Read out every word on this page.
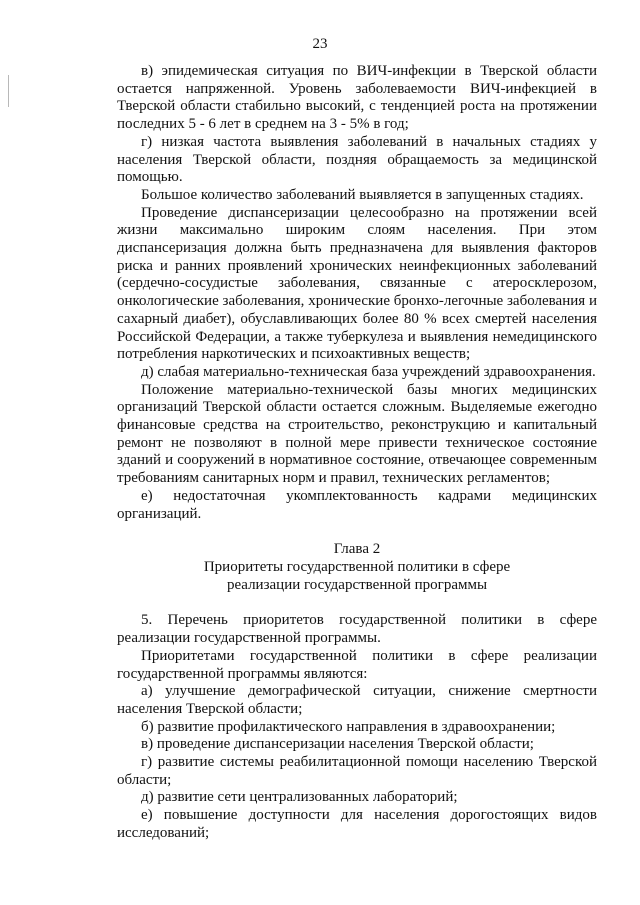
23

в) эпидемическая ситуация по ВИЧ-инфекции в Тверской области остается напряженной. Уровень заболеваемости ВИЧ-инфекцией в Тверской области стабильно высокий, с тенденцией роста на протяжении последних 5 - 6 лет в среднем на 3 - 5% в год;

г) низкая частота выявления заболеваний в начальных стадиях у населения Тверской области, поздняя обращаемость за медицинской помощью.

Большое количество заболеваний выявляется в запущенных стадиях.

Проведение диспансеризации целесообразно на протяжении всей жизни максимально широким слоям населения. При этом диспансеризация должна быть предназначена для выявления факторов риска и ранних проявлений хронических неинфекционных заболеваний (сердечно-сосудистые заболевания, связанные с атеросклерозом, онкологические заболевания, хронические бронхо-легочные заболевания и сахарный диабет), обуславливающих более 80 % всех смертей населения Российской Федерации, а также туберкулеза и выявления немедицинского потребления наркотических и психоактивных веществ;

д) слабая материально-техническая база учреждений здравоохранения.

Положение материально-технической базы многих медицинских организаций Тверской области остается сложным. Выделяемые ежегодно финансовые средства на строительство, реконструкцию и капитальный ремонт не позволяют в полной мере привести техническое состояние зданий и сооружений в нормативное состояние, отвечающее современным требованиям санитарных норм и правил, технических регламентов;

е) недостаточная укомплектованность кадрами медицинских организаций.

Глава 2

Приоритеты государственной политики в сфере

реализации государственной программы

5. Перечень приоритетов государственной политики в сфере реализации государственной программы.

Приоритетами государственной политики в сфере реализации государственной программы являются:

а) улучшение демографической ситуации, снижение смертности населения Тверской области;

б) развитие профилактического направления в здравоохранении;

в) проведение диспансеризации населения Тверской области;

г) развитие системы реабилитационной помощи населению Тверской области;

д) развитие сети централизованных лабораторий;

е) повышение доступности для населения дорогостоящих видов исследований;
